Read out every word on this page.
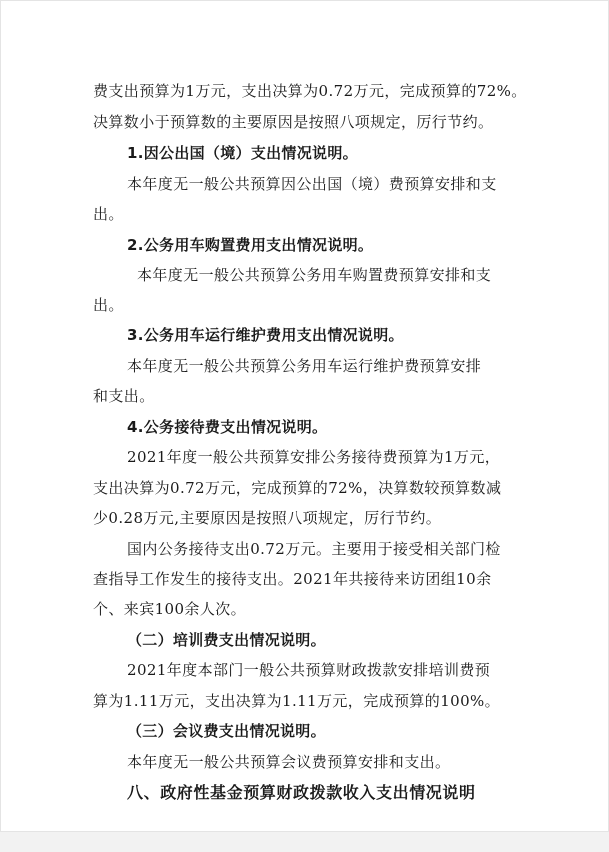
费支出预算为1万元，支出决算为0.72万元，完成预算的72%。
决算数小于预算数的主要原因是按照八项规定，厉行节约。
1.因公出国（境）支出情况说明。
本年度无一般公共预算因公出国（境）费预算安排和支
出。
2.公务用车购置费用支出情况说明。
本年度无一般公共预算公务用车购置费预算安排和支
出。
3.公务用车运行维护费用支出情况说明。
本年度无一般公共预算公务用车运行维护费预算安排
和支出。
4.公务接待费支出情况说明。
2021年度一般公共预算安排公务接待费预算为1万元，
支出决算为0.72万元，完成预算的72%，决算数较预算数减
少0.28万元,主要原因是按照八项规定，厉行节约。
国内公务接待支出0.72万元。主要用于接受相关部门检
查指导工作发生的接待支出。2021年共接待来访团组10余
个、来宾100余人次。
（二）培训费支出情况说明。
2021年度本部门一般公共预算财政拨款安排培训费预
算为1.11万元，支出决算为1.11万元，完成预算的100%。
（三）会议费支出情况说明。
本年度无一般公共预算会议费预算安排和支出。
八、政府性基金预算财政拨款收入支出情况说明
